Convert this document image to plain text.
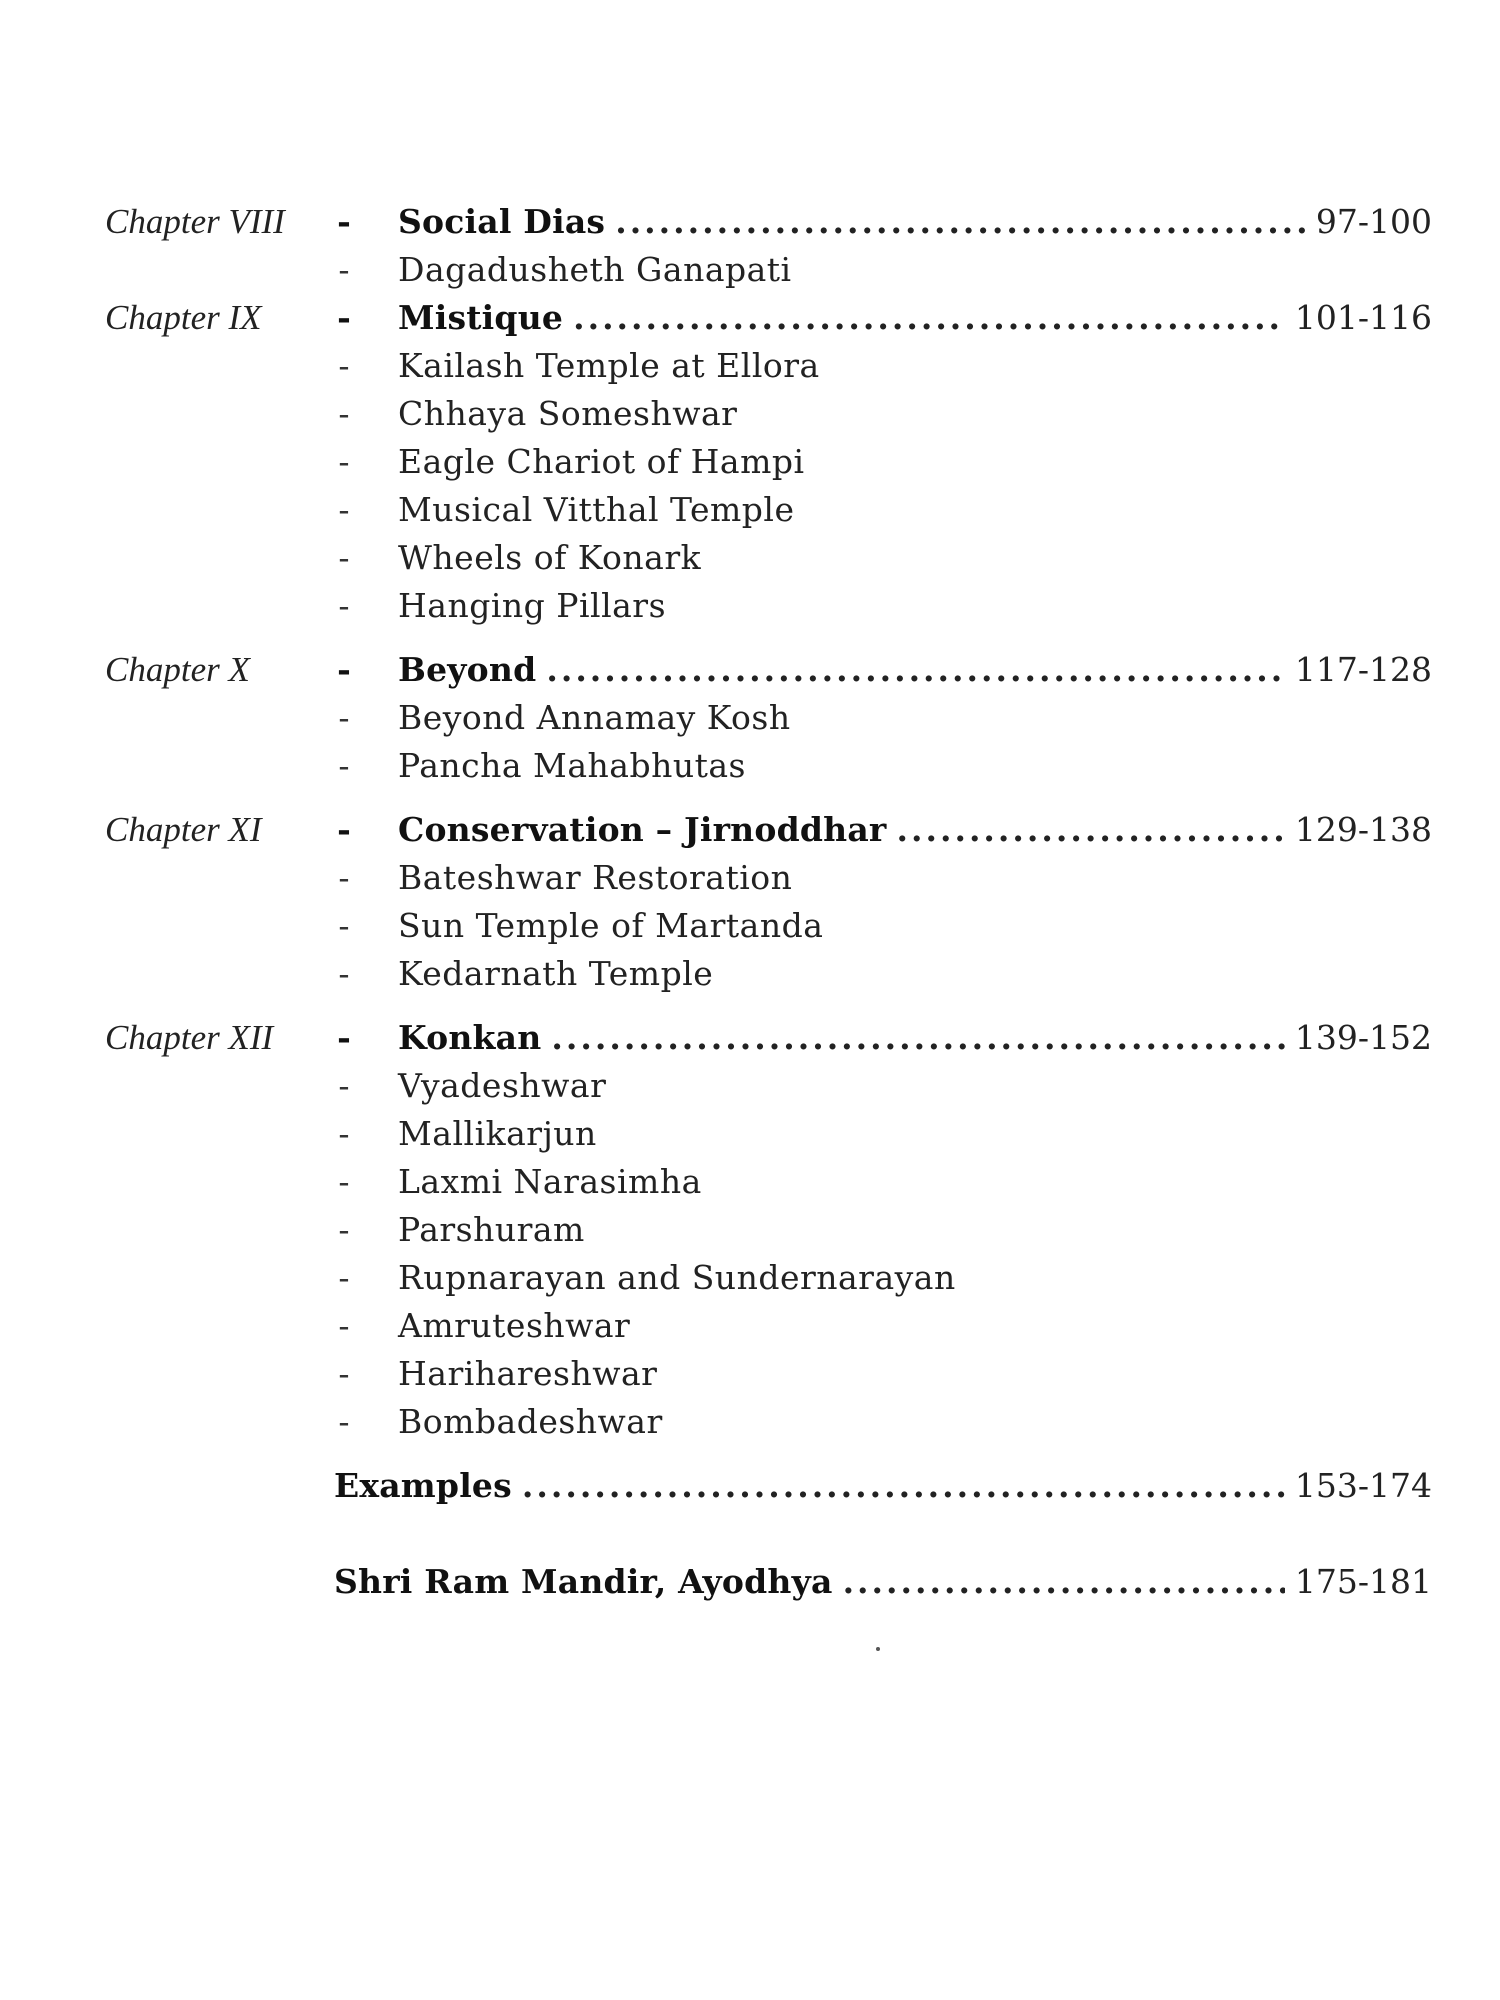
Chapter VIII - Social Dias .....	97-100
- Dagadusheth Ganapati
Chapter IX - Mistique .....	101-116
- Kailash Temple at Ellora
- Chhaya Someshwar
- Eagle Chariot of Hampi
- Musical Vitthal Temple
- Wheels of Konark
- Hanging Pillars
Chapter X	- Beyond .....	117-128
- Beyond Annamay Kosh
- Pancha Mahabhutas
Chapter XI - Conservation – Jirnoddhar .....	129-138
- Bateshwar Restoration
- Sun Temple of Martanda
- Kedarnath Temple
Chapter XII - Konkan .....	139-152
- Vyadeshwar
- Mallikarjun
- Laxmi Narasimha
- Parshuram
- Rupnarayan and Sundernarayan
- Amruteshwar
- Harihareshwar
- Bombadeshwar
Examples .....	153-174
Shri Ram Mandir, Ayodhya .....	175-181
